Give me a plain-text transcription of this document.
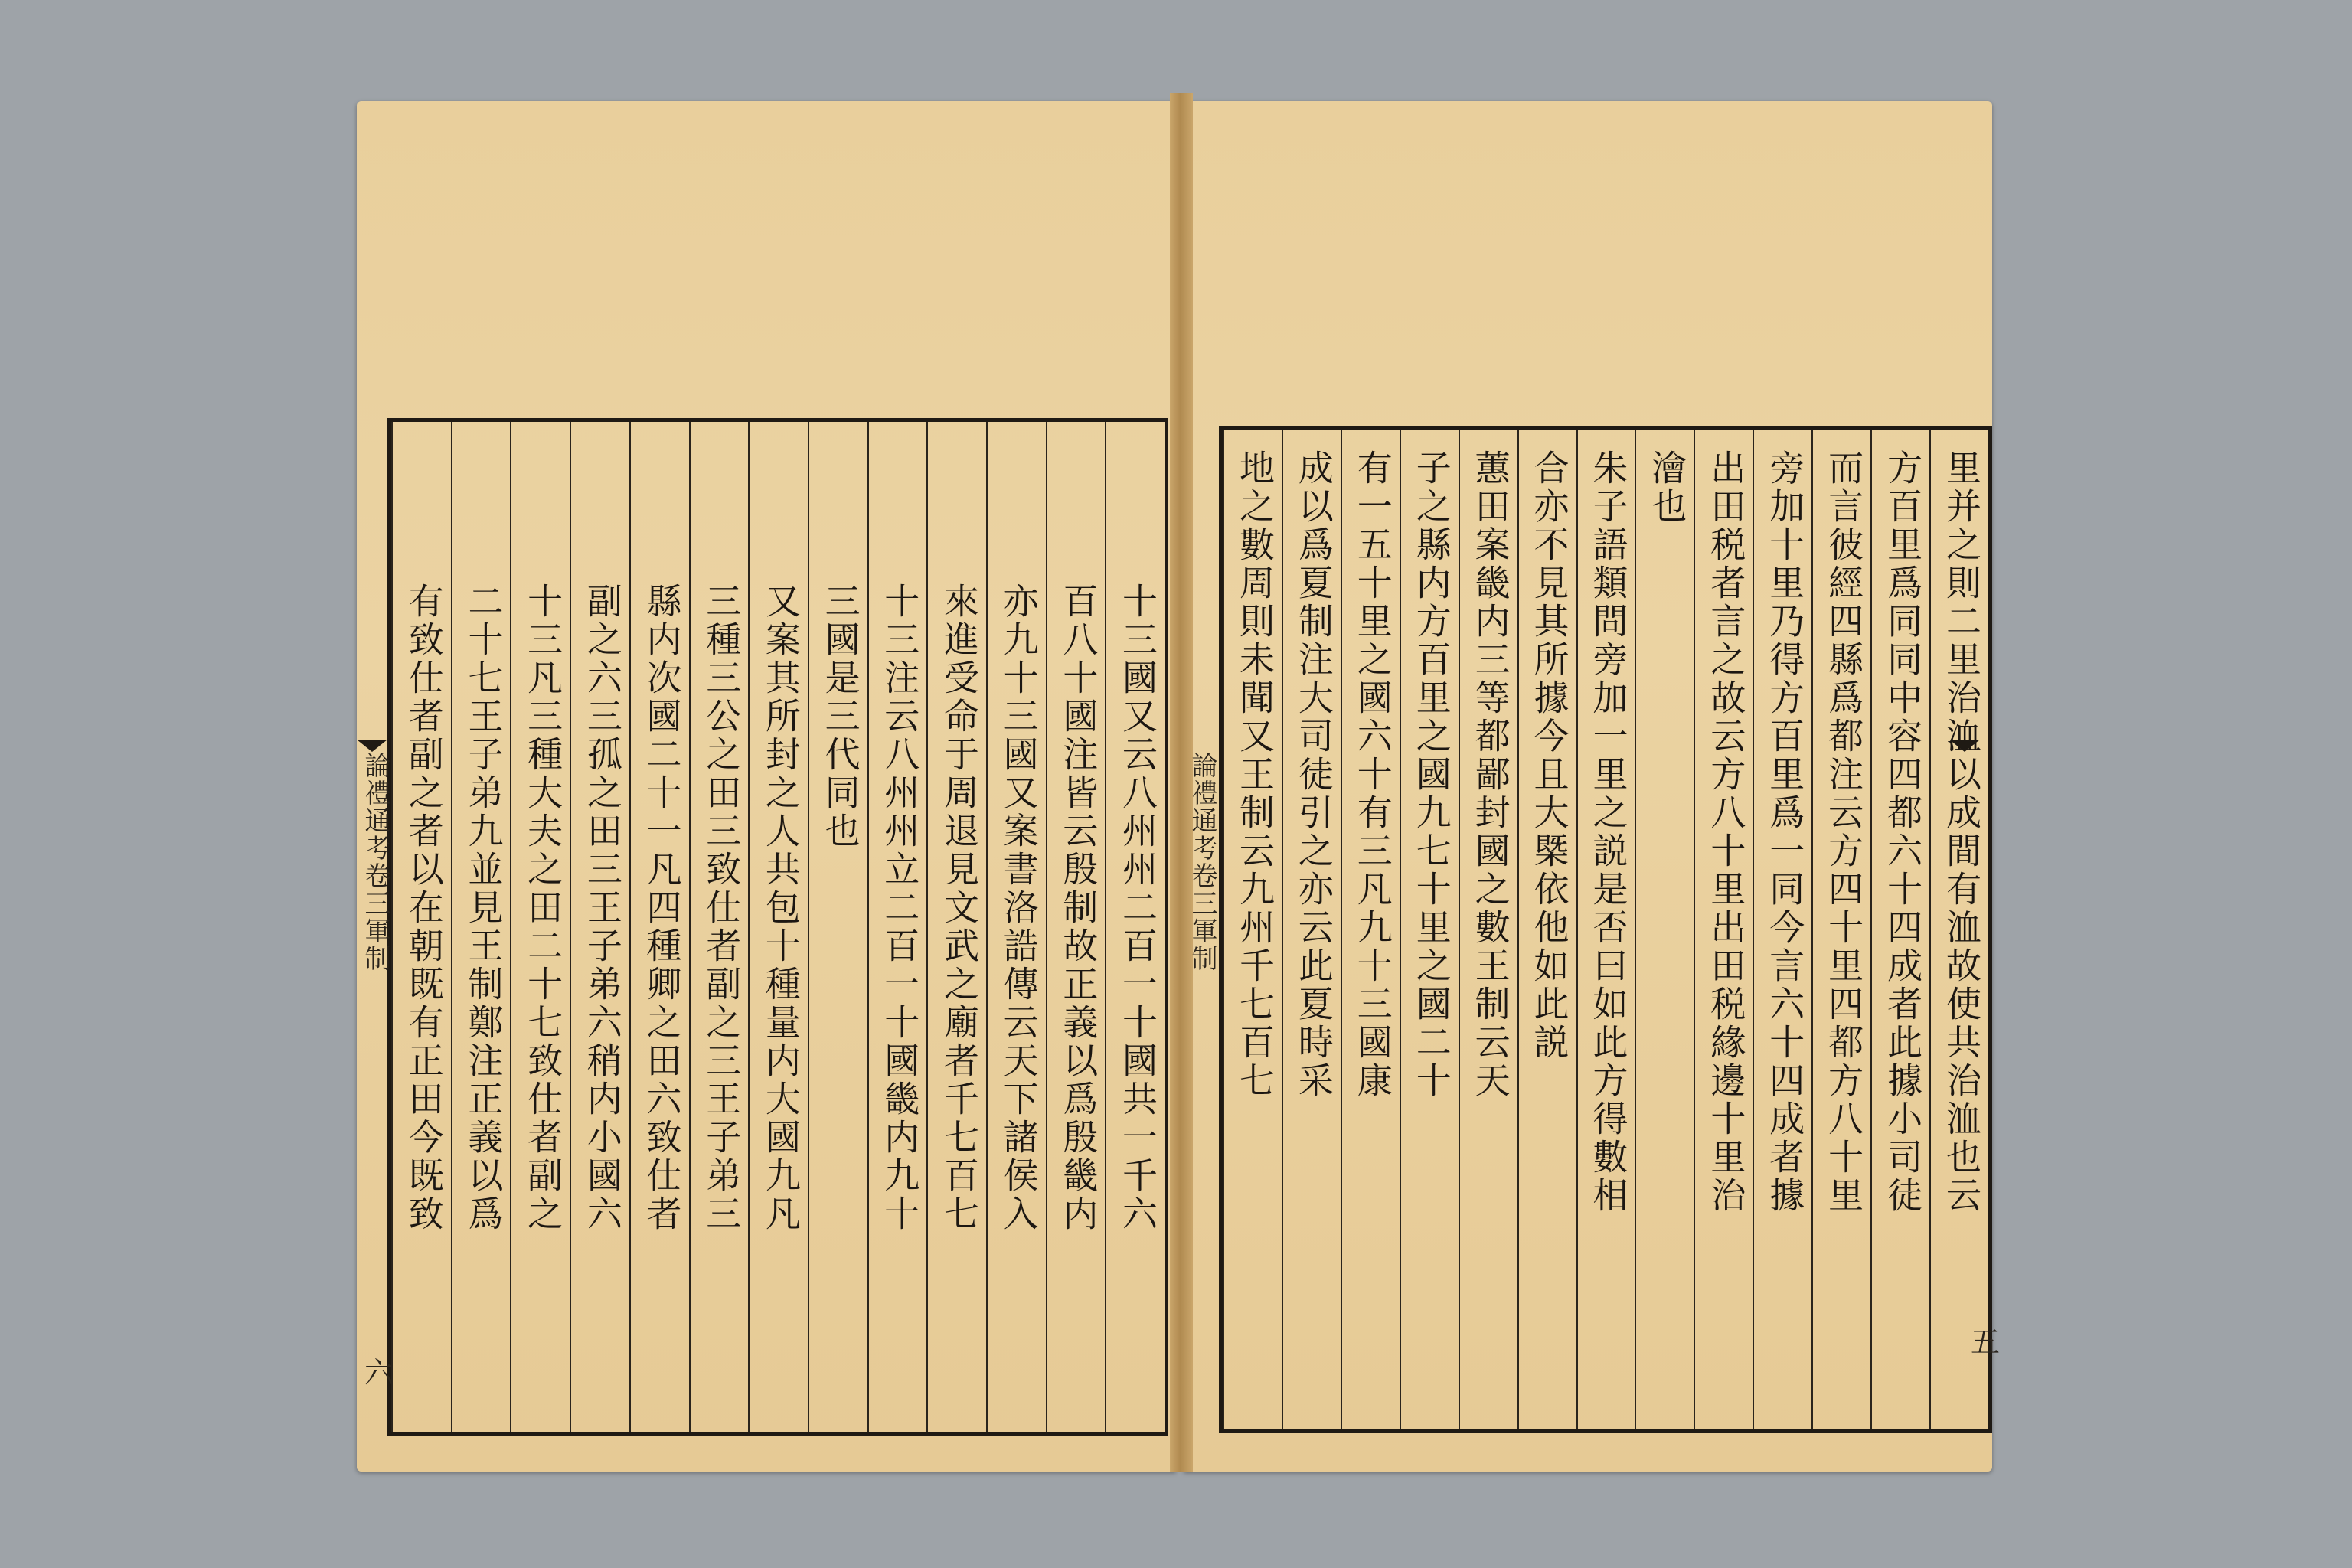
十三國又云八州州二百一十國共一千六
百八十國注皆云殷制故正義以爲殷畿内
亦九十三國又案書洛誥傳云天下諸侯入
來進受命于周退見文武之廟者千七百七
十三注云八州州立二百一十國畿内九十
三國是三代同也
又案其所封之人共包十種量内大國九凡
三種三公之田三致仕者副之三王子弟三
縣内次國二十一凡四種卿之田六致仕者
副之六三孤之田三王子弟六稍内小國六
十三凡三種大夫之田二十七致仕者副之
二十七王子弟九並見王制鄭注正義以爲
有致仕者副之者以在朝既有正田今既致	里并之則二里治洫以成間有洫故使共治洫也云
方百里爲同同中容四都六十四成者此據小司徒
而言彼經四縣爲都注云方四十里四都方八十里
旁加十里乃得方百里爲一同今言六十四成者據
出田税者言之故云方八十里出田税緣邊十里治
澮也
朱子語類問旁加一里之説是否曰如此方得數相
合亦不見其所據今且大槩依他如此説
蕙田案畿内三等都鄙封國之數王制云天
子之縣内方百里之國九七十里之國二十
有一五十里之國六十有三凡九十三國康
成以爲夏制注大司徒引之亦云此夏時采
地之數周則未聞又王制云九州千七百七
論禮通考卷三軍制	論禮通考卷三軍制
六
五
